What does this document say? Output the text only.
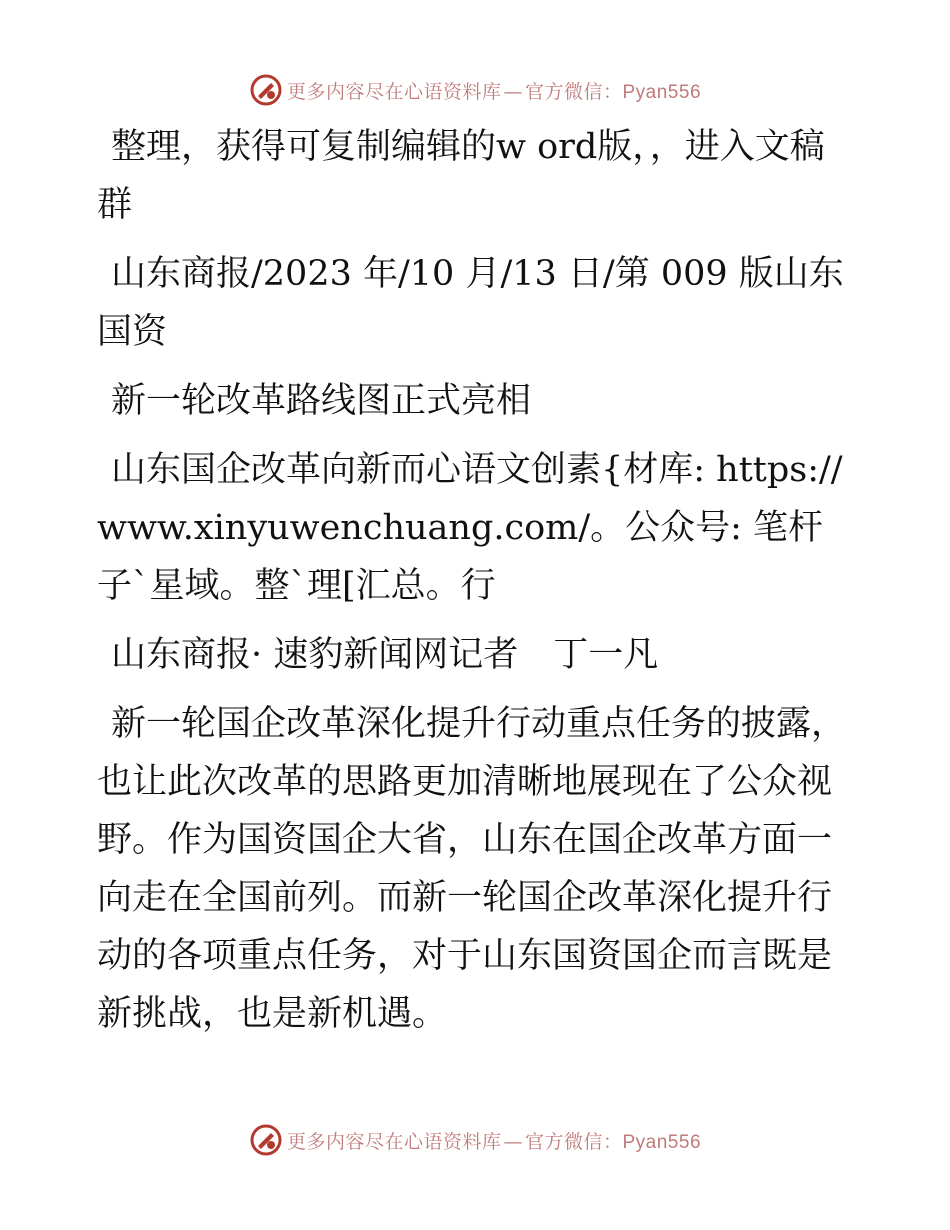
更多内容尽在心语资料库 — 官方微信：Pyan556

整理，获得可复制编辑的w ord版，，进入文稿群

山东商报/2023 年/10 月/13 日/第 009 版山东国资

新一轮改革路线图正式亮相

山东国企改革向新而心语文创素{材库: https://www.xinyuwenchuang.com/。公众号: 笔杆子`星域。整`理[汇总。行

山东商报· 速豹新闻网记者　丁一凡

新一轮国企改革深化提升行动重点任务的披露，也让此次改革的思路更加清晰地展现在了公众视野。作为国资国企大省，山东在国企改革方面一向走在全国前列。而新一轮国企改革深化提升行动的各项重点任务，对于山东国资国企而言既是新挑战，也是新机遇。

更多内容尽在心语资料库 — 官方微信：Pyan556
